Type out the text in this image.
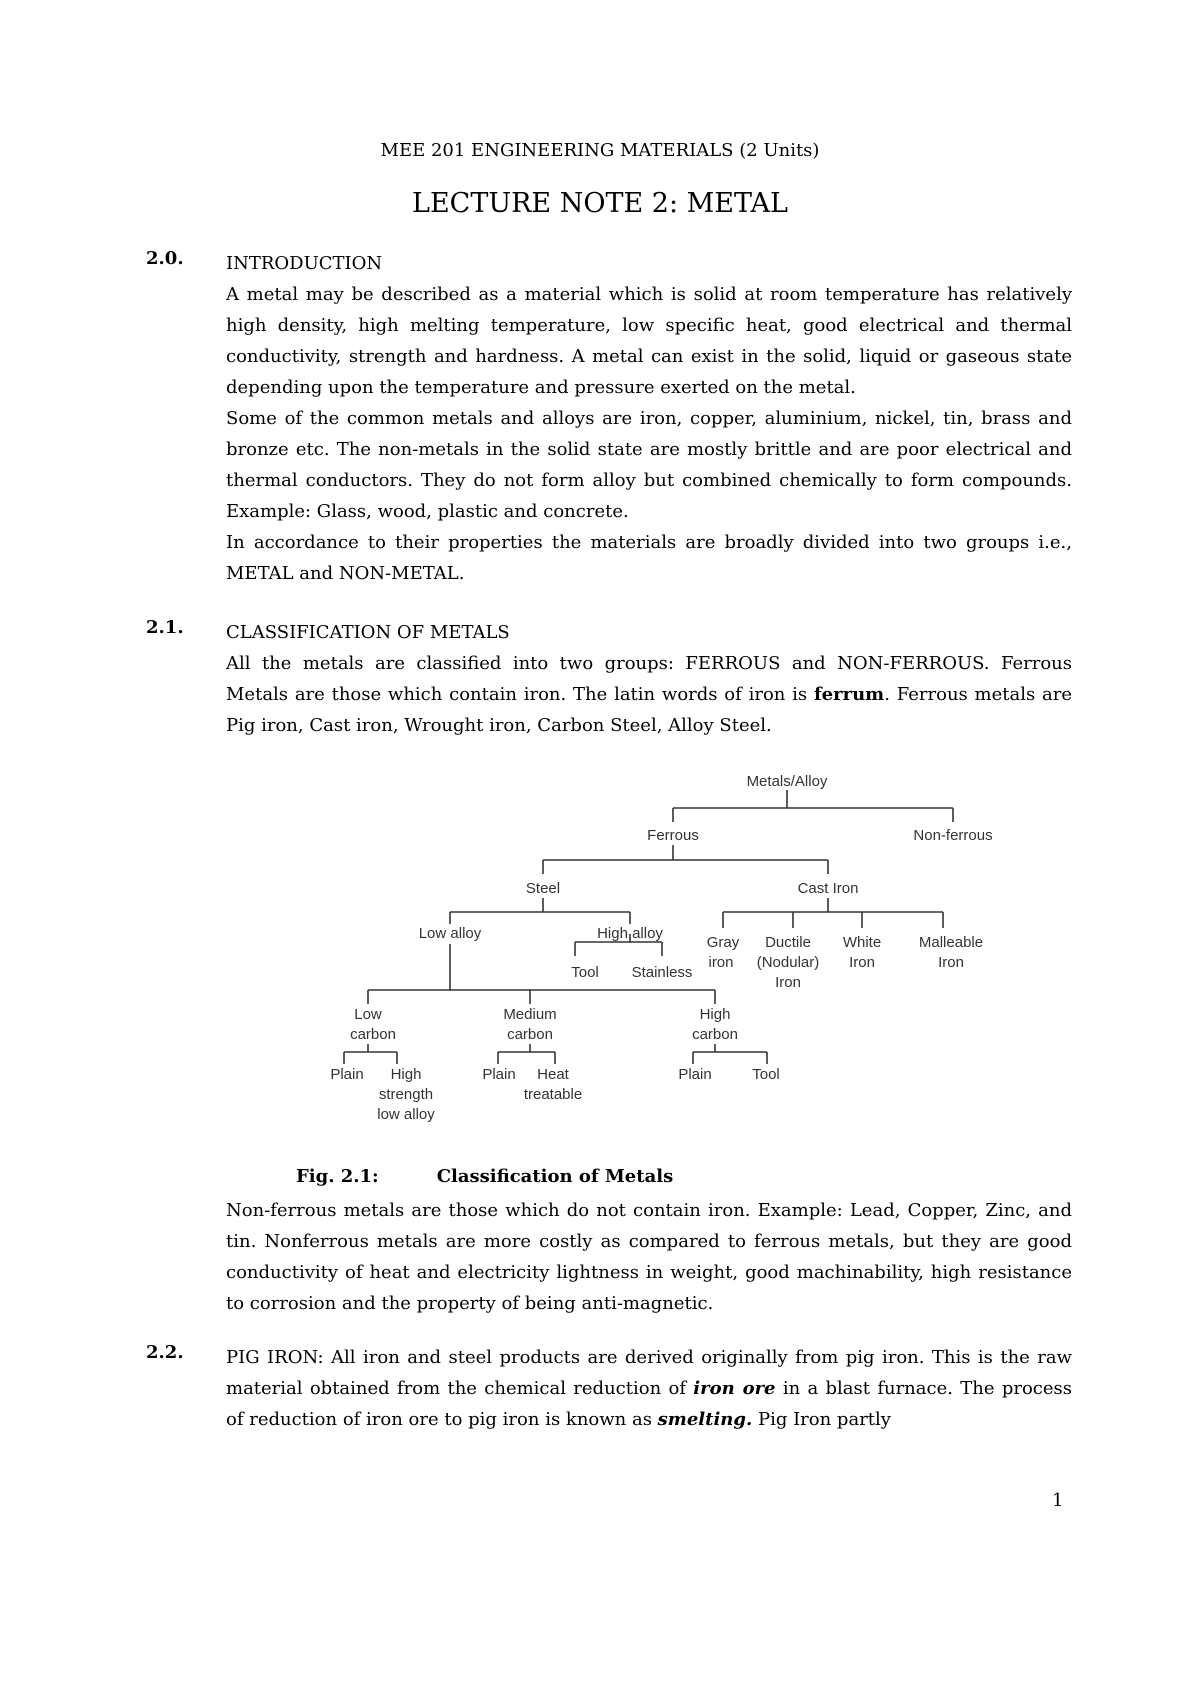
MEE 201 ENGINEERING MATERIALS (2 Units)
LECTURE NOTE 2: METAL
2.0. INTRODUCTION

A metal may be described as a material which is solid at room temperature has relatively high density, high melting temperature, low specific heat, good electrical and thermal conductivity, strength and hardness. A metal can exist in the solid, liquid or gaseous state depending upon the temperature and pressure exerted on the metal.

Some of the common metals and alloys are iron, copper, aluminium, nickel, tin, brass and bronze etc. The non-metals in the solid state are mostly brittle and are poor electrical and thermal conductors. They do not form alloy but combined chemically to form compounds. Example: Glass, wood, plastic and concrete.

In accordance to their properties the materials are broadly divided into two groups i.e., METAL and NON-METAL.

2.1. CLASSIFICATION OF METALS

All the metals are classified into two groups: FERROUS and NON-FERROUS. Ferrous Metals are those which contain iron. The latin words of iron is ferrum. Ferrous metals are Pig iron, Cast iron, Wrought iron, Carbon Steel, Alloy Steel.

Metals/Alloy
Ferrous	Non-ferrous
Steel	Cast Iron
Low alloy	High alloy
Tool Stainless
Gray
iron
Ductile
(Nodular)
Iron
White
Iron
Malleable
Iron
Low
carbon
Medium
carbon
High
carbon
Plain High
strength
low alloy
Plain Heat
treatable
Plain	Tool
Fig. 2.1:	Classification of Metals

Non-ferrous metals are those which do not contain iron. Example: Lead, Copper, Zinc, and tin. Nonferrous metals are more costly as compared to ferrous metals, but they are good conductivity of heat and electricity lightness in weight, good machinability, high resistance to corrosion and the property of being anti-magnetic.

2.2. PIG IRON: All iron and steel products are derived originally from pig iron. This is the raw material obtained from the chemical reduction of iron ore in a blast furnace. The process of reduction of iron ore to pig iron is known as smelting. Pig Iron partly

1
